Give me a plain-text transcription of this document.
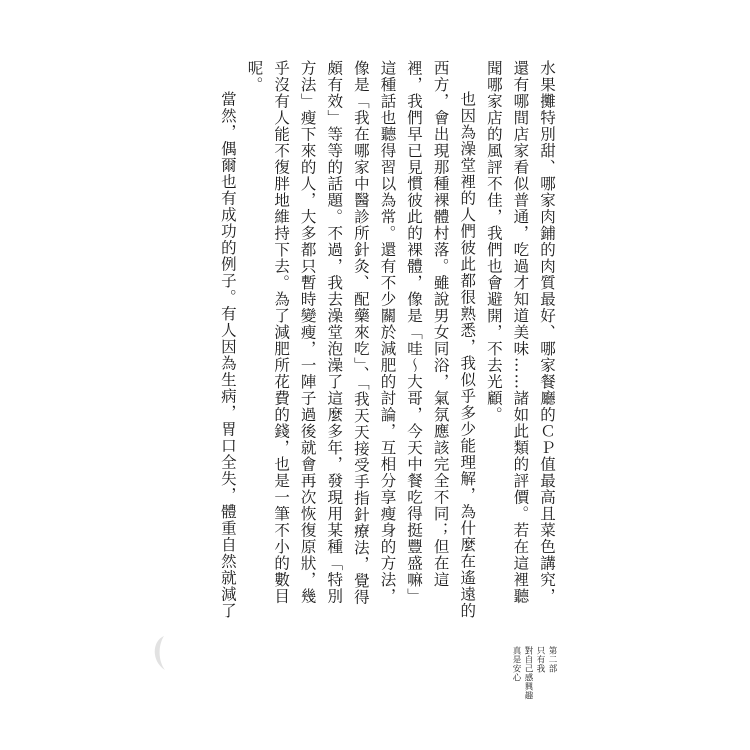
水果攤特別甜、哪家肉鋪的肉質最好、哪家餐廳的ＣＰ值最高且菜色講究，還有哪間店家看似普通，吃過才知道美味……諸如此類的評價。若在這裡聽聞哪家店的風評不佳，我們也會避開，不去光顧。

也因為澡堂裡的人們彼此都很熟悉，我似乎多少能理解，為什麼在遙遠的西方，會出現那種裸體村落。雖說男女同浴，氣氛應該完全不同；但在這裡，我們早已見慣彼此的裸體，像是「哇～大哥，今天中餐吃得挺豐盛嘛」這種話也聽得習以為常。還有不少關於減肥的討論，互相分享瘦身的方法，像是「我在哪家中醫診所針灸、配藥來吃」、「我天天接受手指針療法，覺得頗有效」等等的話題。不過，我去澡堂泡澡了這麼多年，發現用某種「特別方法」瘦下來的人，大多都只暫時變瘦，一陣子過後就會再次恢復原狀，幾乎沒有人能不復胖地維持下去。為了減肥所花費的錢，也是一筆不小的數目呢。

當然，偶爾也有成功的例子。有人因為生病，胃口全失，體重自然就減了

第二部
只有我
對自己感興趣
真是安心
